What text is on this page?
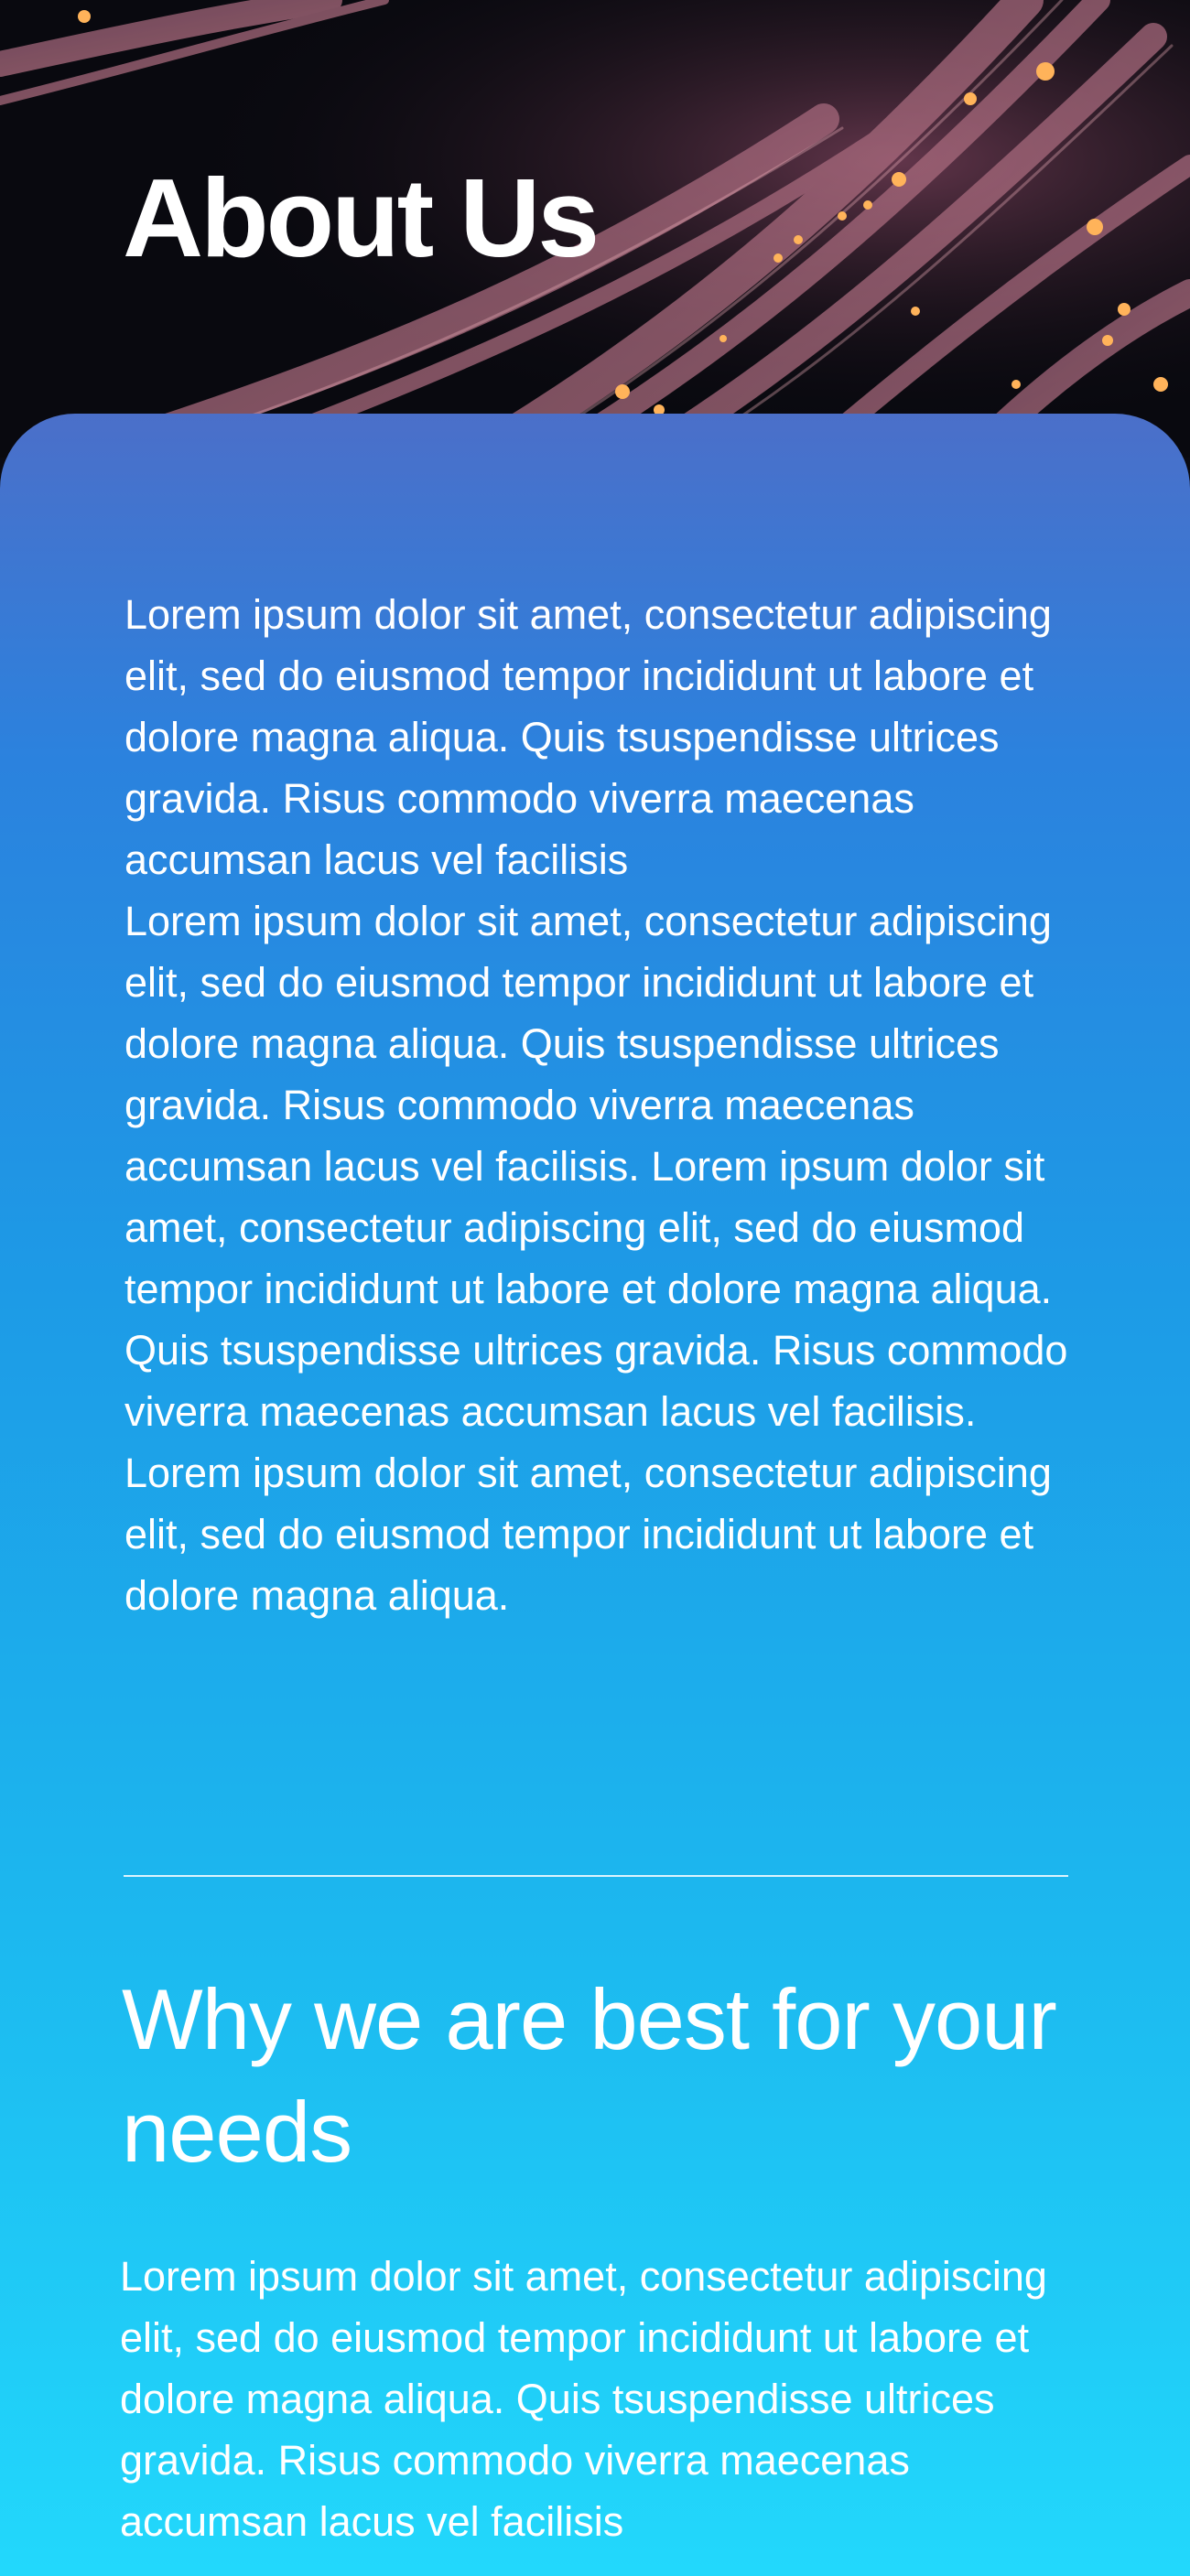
About Us

Lorem ipsum dolor sit amet, consectetur adipiscing elit, sed do eiusmod tempor incididunt ut labore et dolore magna aliqua. Quis tsuspendisse ultrices gravida. Risus commodo viverra maecenas accumsan lacus vel facilisis

Lorem ipsum dolor sit amet, consectetur adipiscing elit, sed do eiusmod tempor incididunt ut labore et dolore magna aliqua. Quis tsuspendisse ultrices gravida. Risus commodo viverra maecenas accumsan lacus vel facilisis. Lorem ipsum dolor sit amet, consectetur adipiscing elit, sed do eiusmod tempor incididunt ut labore et dolore magna aliqua. Quis tsuspendisse ultrices gravida. Risus commodo viverra maecenas accumsan lacus vel facilisis. Lorem ipsum dolor sit amet, consectetur adipiscing elit, sed do eiusmod tempor incididunt ut labore et dolore magna aliqua.

Why we are best for your needs

Lorem ipsum dolor sit amet, consectetur adipiscing elit, sed do eiusmod tempor incididunt ut labore et dolore magna aliqua. Quis tsuspendisse ultrices gravida. Risus commodo viverra maecenas accumsan lacus vel facilisis
